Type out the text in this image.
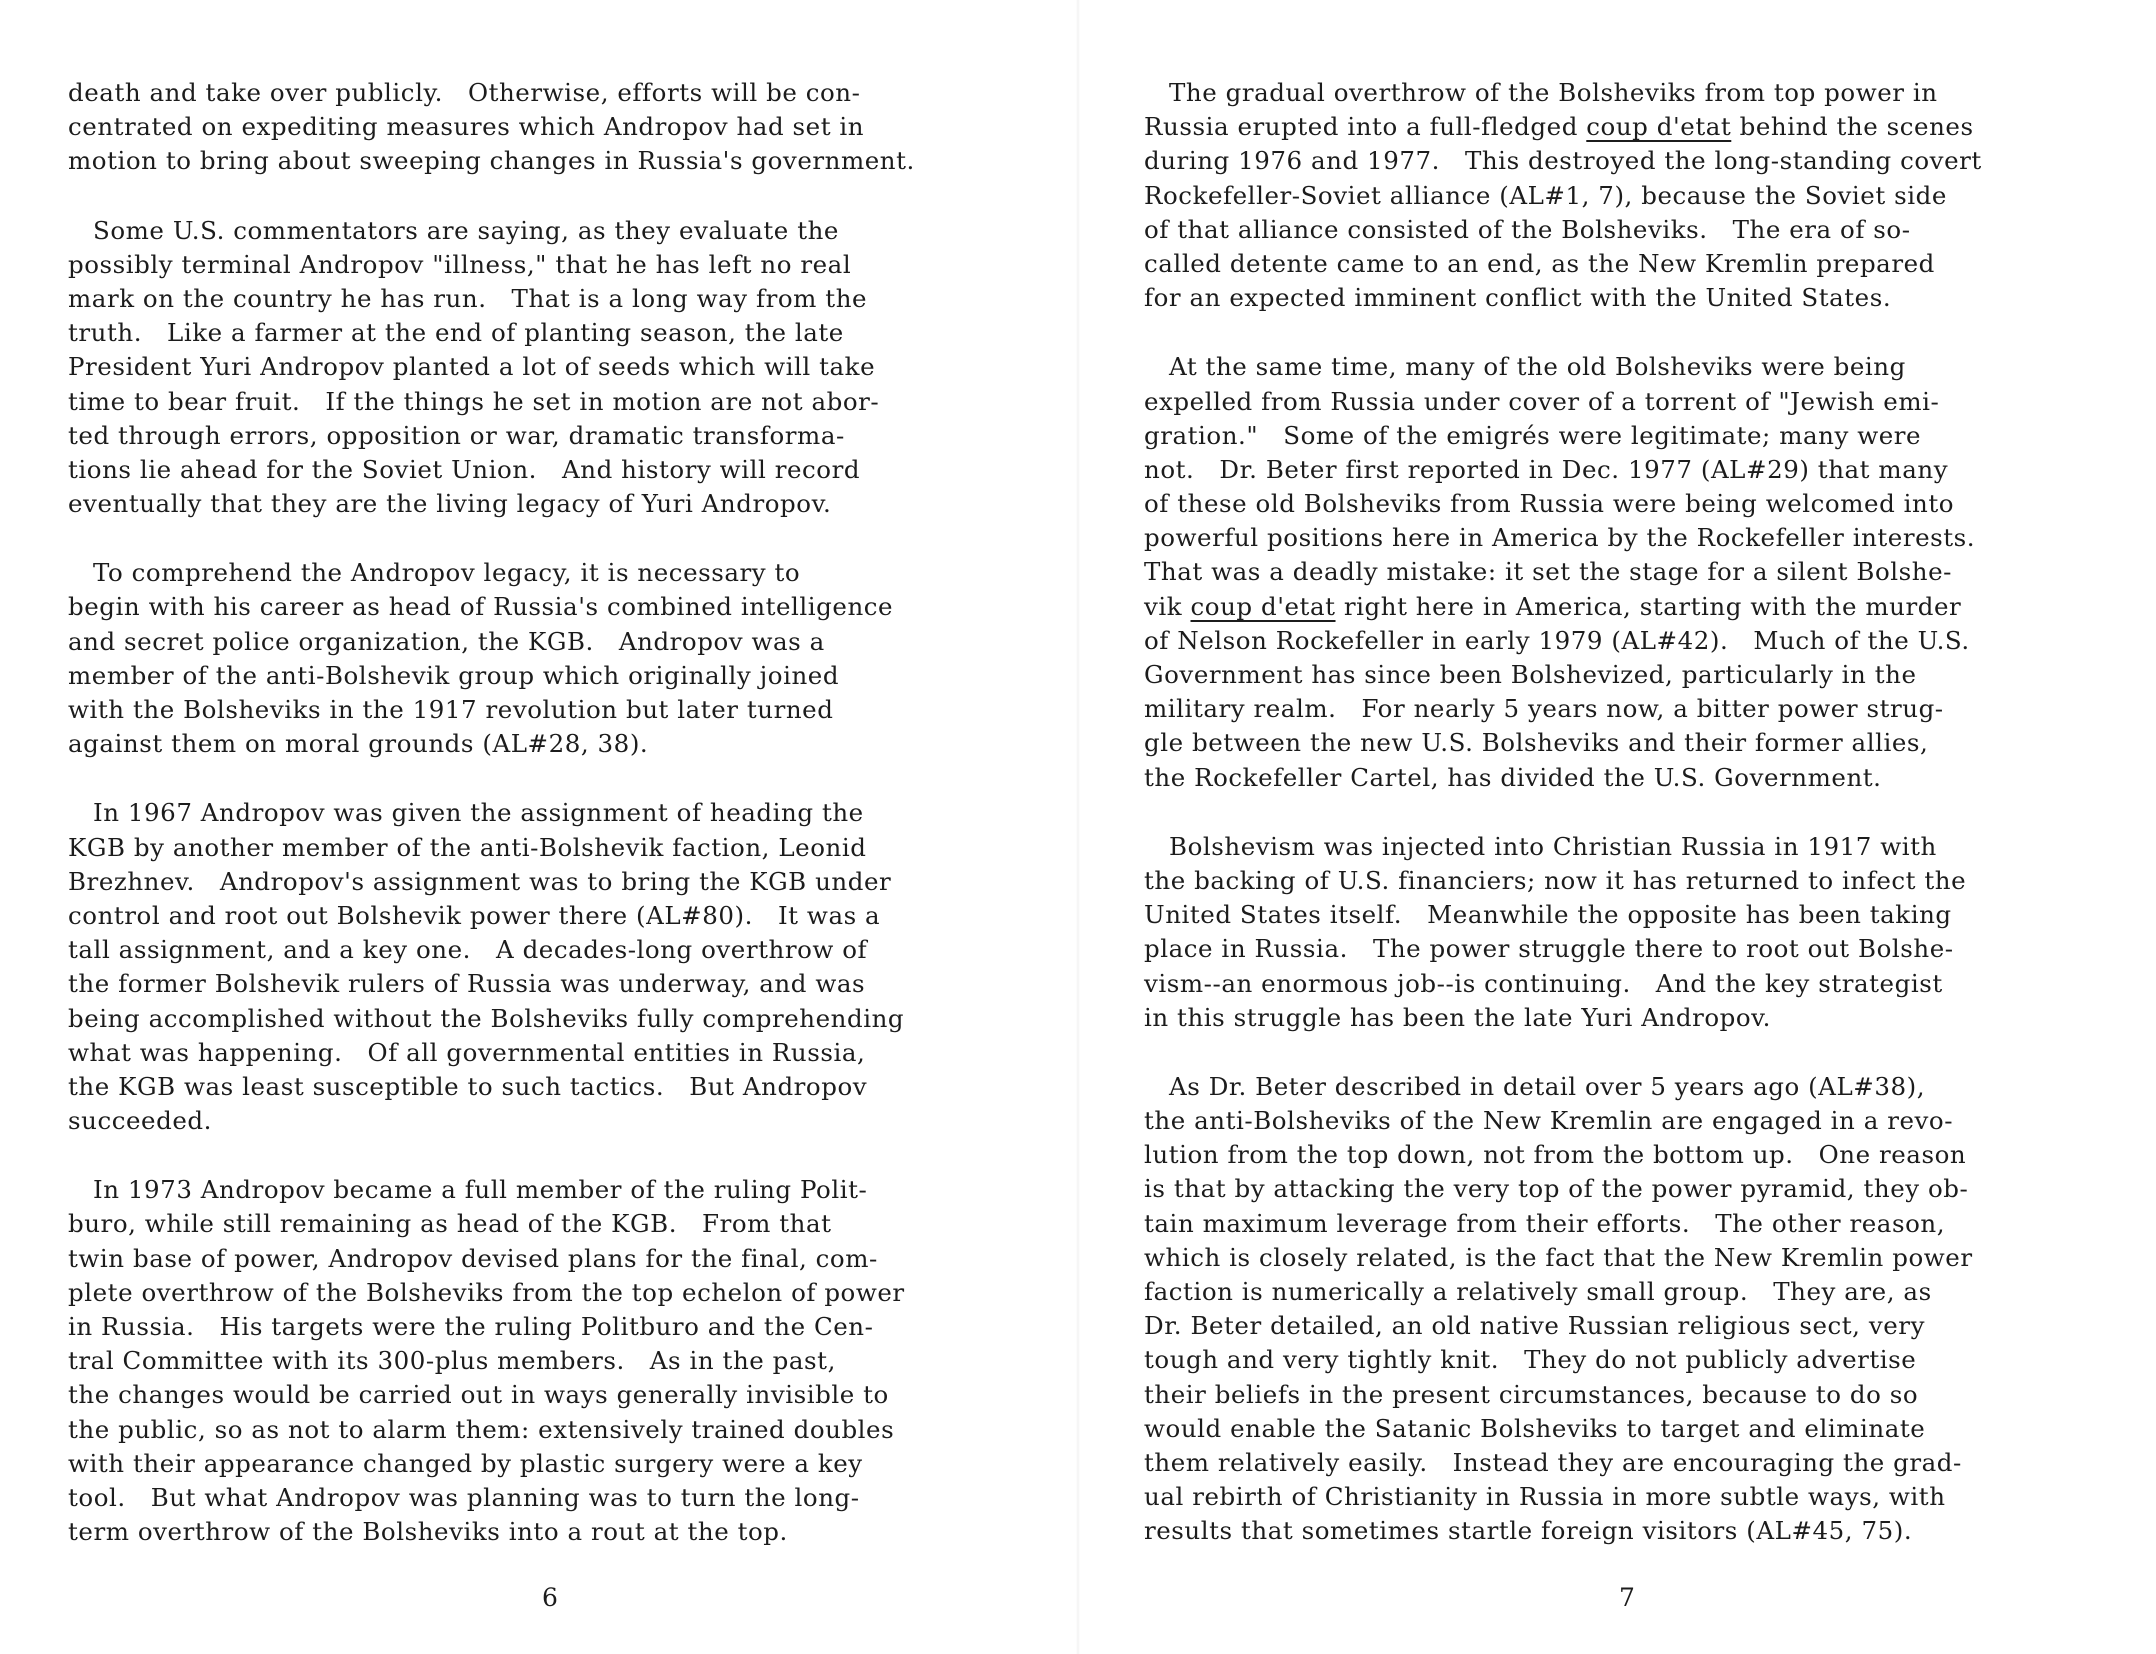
death and take over publicly.   Otherwise, efforts will be con-
centrated on expediting measures which Andropov had set in
motion to bring about sweeping changes in Russia's government.
Some U.S. commentators are saying, as they evaluate the
possibly terminal Andropov "illness," that he has left no real
mark on the country he has run.   That is a long way from the
truth.   Like a farmer at the end of planting season, the late
President Yuri Andropov planted a lot of seeds which will take
time to bear fruit.   If the things he set in motion are not abor-
ted through errors, opposition or war, dramatic transforma-
tions lie ahead for the Soviet Union.   And history will record
eventually that they are the living legacy of Yuri Andropov.
To comprehend the Andropov legacy, it is necessary to
begin with his career as head of Russia's combined intelligence
and secret police organization, the KGB.   Andropov was a
member of the anti-Bolshevik group which originally joined
with the Bolsheviks in the 1917 revolution but later turned
against them on moral grounds (AL#28, 38).
In 1967 Andropov was given the assignment of heading the
KGB by another member of the anti-Bolshevik faction, Leonid
Brezhnev.   Andropov's assignment was to bring the KGB under
control and root out Bolshevik power there (AL#80).   It was a
tall assignment, and a key one.   A decades-long overthrow of
the former Bolshevik rulers of Russia was underway, and was
being accomplished without the Bolsheviks fully comprehending
what was happening.   Of all governmental entities in Russia,
the KGB was least susceptible to such tactics.   But Andropov
succeeded.
In 1973 Andropov became a full member of the ruling Polit-
buro, while still remaining as head of the KGB.   From that
twin base of power, Andropov devised plans for the final, com-
plete overthrow of the Bolsheviks from the top echelon of power
in Russia.   His targets were the ruling Politburo and the Cen-
tral Committee with its 300-plus members.   As in the past,
the changes would be carried out in ways generally invisible to
the public, so as not to alarm them: extensively trained doubles
with their appearance changed by plastic surgery were a key
tool.   But what Andropov was planning was to turn the long-
term overthrow of the Bolsheviks into a rout at the top.
6
The gradual overthrow of the Bolsheviks from top power in
Russia erupted into a full-fledged coup d'etat behind the scenes
during 1976 and 1977.   This destroyed the long-standing covert
Rockefeller-Soviet alliance (AL#1, 7), because the Soviet side
of that alliance consisted of the Bolsheviks.   The era of so-
called detente came to an end, as the New Kremlin prepared
for an expected imminent conflict with the United States.
At the same time, many of the old Bolsheviks were being
expelled from Russia under cover of a torrent of "Jewish emi-
gration."   Some of the emigrés were legitimate; many were
not.   Dr. Beter first reported in Dec. 1977 (AL#29) that many
of these old Bolsheviks from Russia were being welcomed into
powerful positions here in America by the Rockefeller interests.
That was a deadly mistake: it set the stage for a silent Bolshe-
vik coup d'etat right here in America, starting with the murder
of Nelson Rockefeller in early 1979 (AL#42).   Much of the U.S.
Government has since been Bolshevized, particularly in the
military realm.   For nearly 5 years now, a bitter power strug-
gle between the new U.S. Bolsheviks and their former allies,
the Rockefeller Cartel, has divided the U.S. Government.
Bolshevism was injected into Christian Russia in 1917 with
the backing of U.S. financiers; now it has returned to infect the
United States itself.   Meanwhile the opposite has been taking
place in Russia.   The power struggle there to root out Bolshe-
vism--an enormous job--is continuing.   And the key strategist
in this struggle has been the late Yuri Andropov.
As Dr. Beter described in detail over 5 years ago (AL#38),
the anti-Bolsheviks of the New Kremlin are engaged in a revo-
lution from the top down, not from the bottom up.   One reason
is that by attacking the very top of the power pyramid, they ob-
tain maximum leverage from their efforts.   The other reason,
which is closely related, is the fact that the New Kremlin power
faction is numerically a relatively small group.   They are, as
Dr. Beter detailed, an old native Russian religious sect, very
tough and very tightly knit.   They do not publicly advertise
their beliefs in the present circumstances, because to do so
would enable the Satanic Bolsheviks to target and eliminate
them relatively easily.   Instead they are encouraging the grad-
ual rebirth of Christianity in Russia in more subtle ways, with
results that sometimes startle foreign visitors (AL#45, 75).
7
